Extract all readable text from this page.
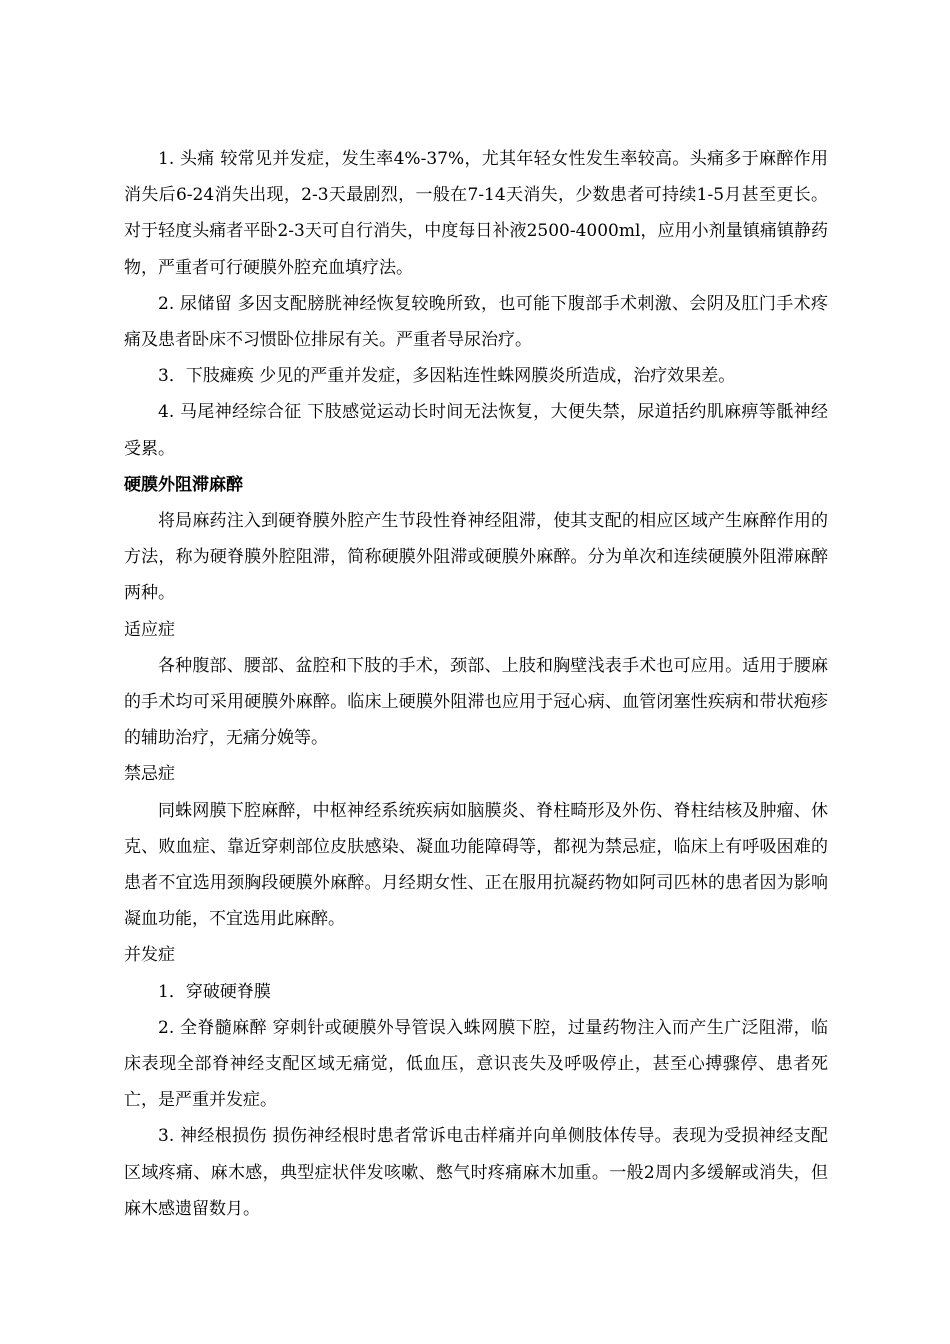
1. 头痛 较常见并发症，发生率4%-37%，尤其年轻女性发生率较高。头痛多于麻醉作用消失后6-24消失出现，2-3天最剧烈，一般在7-14天消失，少数患者可持续1-5月甚至更长。对于轻度头痛者平卧2-3天可自行消失，中度每日补液2500-4000ml，应用小剂量镇痛镇静药物，严重者可行硬膜外腔充血填疗法。

2. 尿储留 多因支配膀胱神经恢复较晚所致，也可能下腹部手术刺激、会阴及肛门手术疼痛及患者卧床不习惯卧位排尿有关。严重者导尿治疗。

3．下肢瘫痪 少见的严重并发症，多因粘连性蛛网膜炎所造成，治疗效果差。

4. 马尾神经综合征 下肢感觉运动长时间无法恢复，大便失禁，尿道括约肌麻痹等骶神经受累。

硬膜外阻滞麻醉

将局麻药注入到硬脊膜外腔产生节段性脊神经阻滞，使其支配的相应区域产生麻醉作用的方法，称为硬脊膜外腔阻滞，简称硬膜外阻滞或硬膜外麻醉。分为单次和连续硬膜外阻滞麻醉两种。

适应症

各种腹部、腰部、盆腔和下肢的手术，颈部、上肢和胸壁浅表手术也可应用。适用于腰麻的手术均可采用硬膜外麻醉。临床上硬膜外阻滞也应用于冠心病、血管闭塞性疾病和带状疱疹的辅助治疗，无痛分娩等。

禁忌症

同蛛网膜下腔麻醉，中枢神经系统疾病如脑膜炎、脊柱畸形及外伤、脊柱结核及肿瘤、休克、败血症、靠近穿刺部位皮肤感染、凝血功能障碍等，都视为禁忌症，临床上有呼吸困难的患者不宜选用颈胸段硬膜外麻醉。月经期女性、正在服用抗凝药物如阿司匹林的患者因为影响凝血功能，不宜选用此麻醉。

并发症

1．穿破硬脊膜

2. 全脊髓麻醉 穿刺针或硬膜外导管误入蛛网膜下腔，过量药物注入而产生广泛阻滞，临床表现全部脊神经支配区域无痛觉，低血压，意识丧失及呼吸停止，甚至心搏骤停、患者死亡，是严重并发症。

3. 神经根损伤 损伤神经根时患者常诉电击样痛并向单侧肢体传导。表现为受损神经支配区域疼痛、麻木感，典型症状伴发咳嗽、憋气时疼痛麻木加重。一般2周内多缓解或消失，但麻木感遗留数月。
